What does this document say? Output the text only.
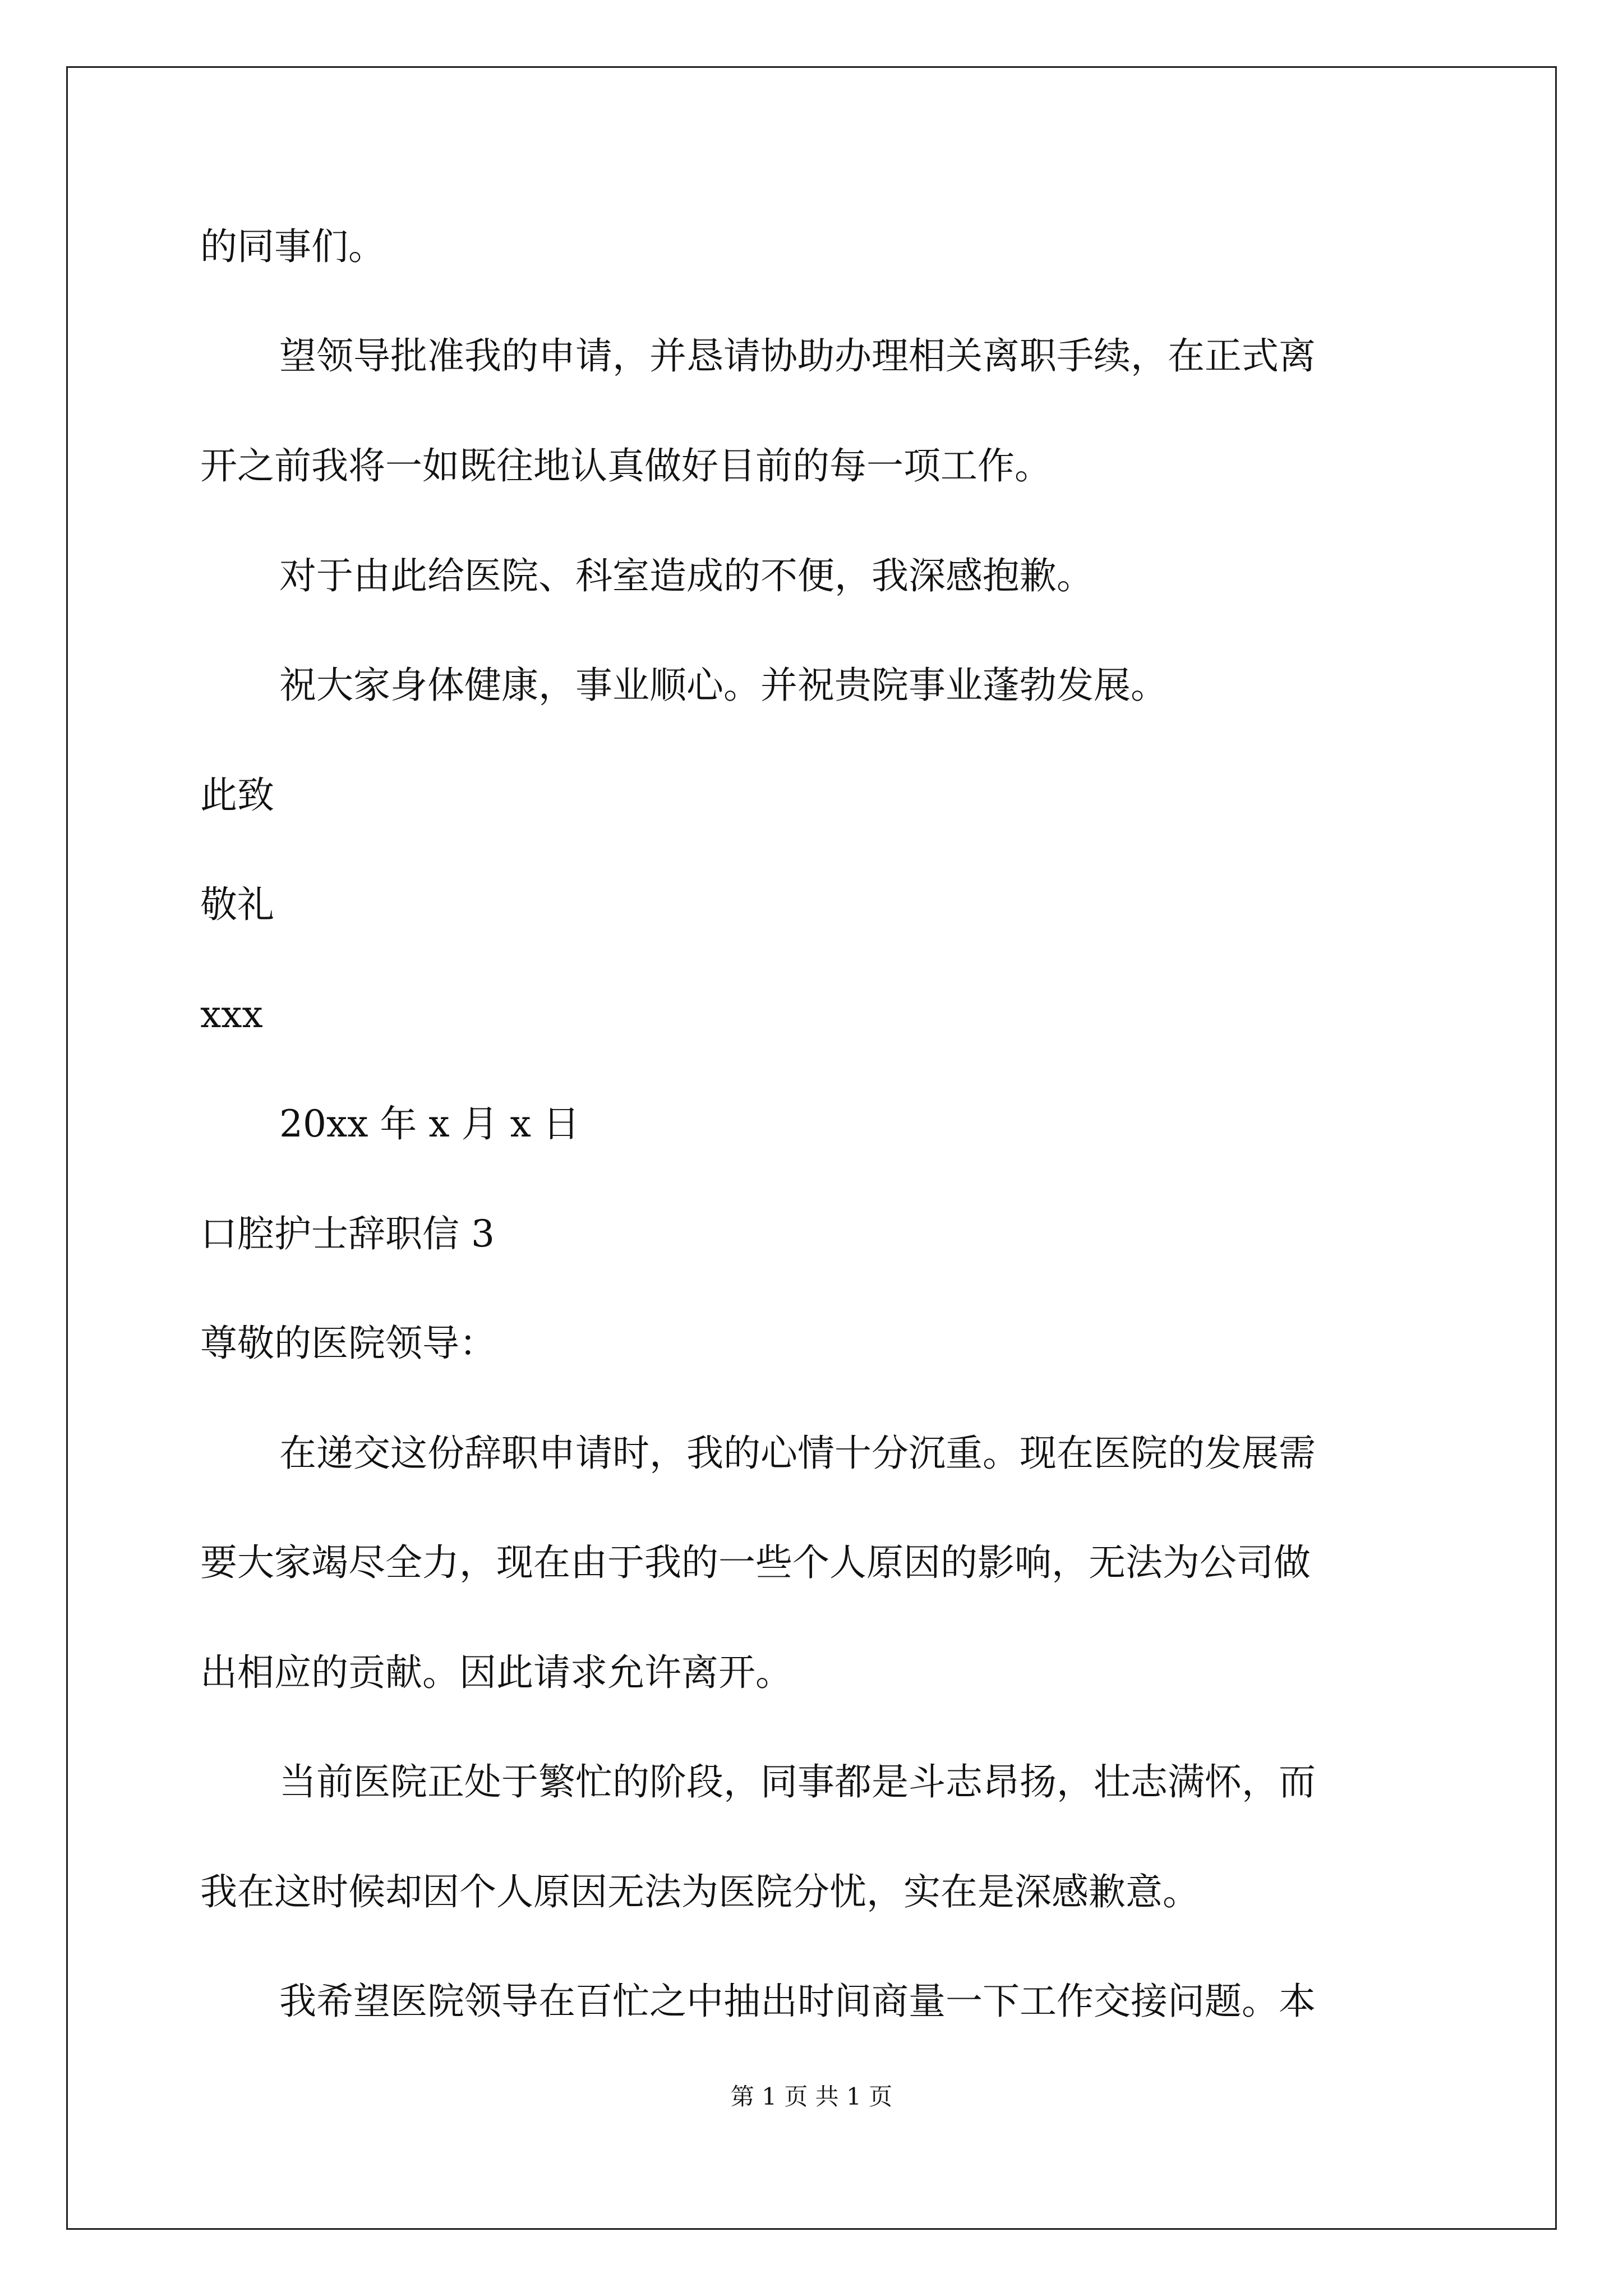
的同事们。
望领导批准我的申请，并恳请协助办理相关离职手续，在正式离
开之前我将一如既往地认真做好目前的每一项工作。
对于由此给医院、科室造成的不便，我深感抱歉。
祝大家身体健康，事业顺心。并祝贵院事业蓬勃发展。
此致
敬礼
xxx
20xx 年 x 月 x 日
口腔护士辞职信 3
尊敬的医院领导：
在递交这份辞职申请时，我的心情十分沉重。现在医院的发展需
要大家竭尽全力，现在由于我的一些个人原因的影响，无法为公司做
出相应的贡献。因此请求允许离开。
当前医院正处于繁忙的阶段，同事都是斗志昂扬，壮志满怀，而
我在这时候却因个人原因无法为医院分忧，实在是深感歉意。
我希望医院领导在百忙之中抽出时间商量一下工作交接问题。本
第 1 页 共 1 页
